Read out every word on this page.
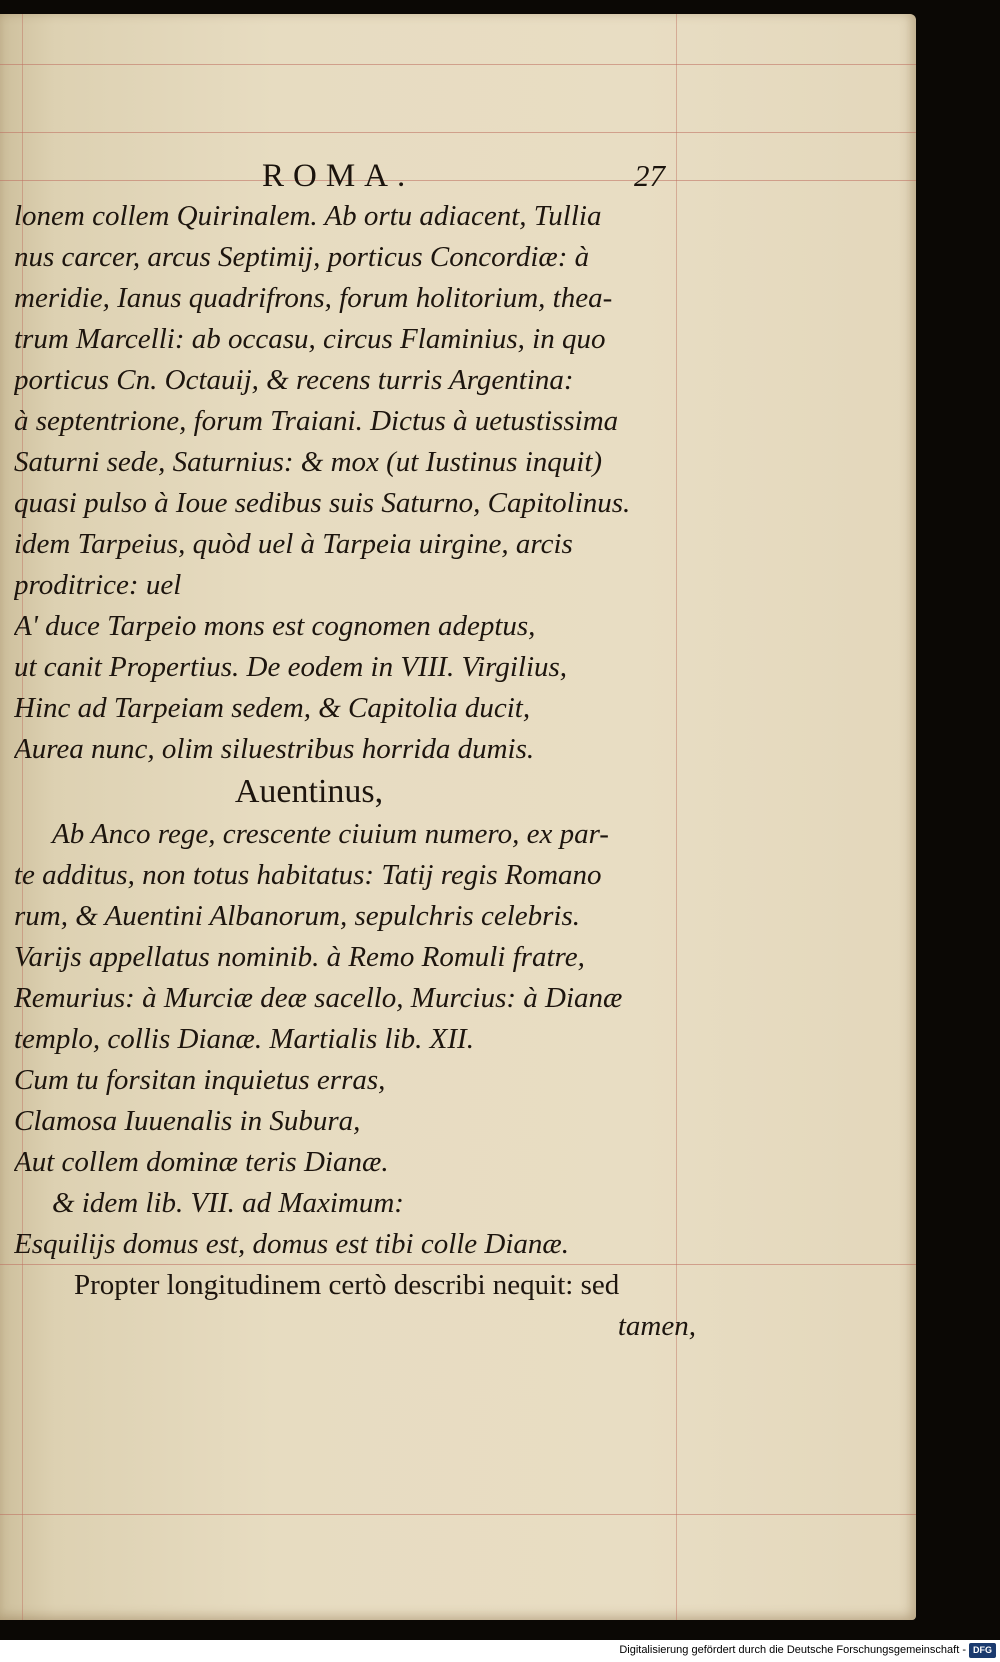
ROMA.	27
lonem collem Quirinalem. Ab ortu adiacent, Tullia
nus carcer, arcus Septimij, porticus Concordiæ: à
meridie, Ianus quadrifrons, forum holitorium, thea-
trum Marcelli: ab occasu, circus Flaminius, in quo
porticus Cn. Octauij, & recens turris Argentina:
à septentrione, forum Traiani. Dictus à uetustissima
Saturni sede, Saturnius: & mox (ut Iustinus inquit)
quasi pulso à Ioue sedibus suis Saturno, Capitolinus.
idem Tarpeius, quòd uel à Tarpeia uirgine, arcis
proditrice: uel
A' duce Tarpeio mons est cognomen adeptus,
ut canit Propertius. De eodem in VIII. Virgilius,
Hinc ad Tarpeiam sedem, & Capitolia ducit,
Aurea nunc, olim siluestribus horrida dumis.
Auentinus,
Ab Anco rege, crescente ciuium numero, ex par-
te additus, non totus habitatus: Tatij regis Romano
rum, & Auentini Albanorum, sepulchris celebris.
Varijs appellatus nominib. à Remo Romuli fratre,
Remurius: à Murciæ deæ sacello, Murcius: à Dianæ
templo, collis Dianæ. Martialis lib. XII.
Cum tu forsitan inquietus erras,
Clamosa Iuuenalis in Subura,
Aut collem dominæ teris Dianæ.
& idem lib. VII. ad Maximum:
Esquilijs domus est, domus est tibi colle Dianæ.
Propter longitudinem certò describi nequit: sed
tamen,
Digitalisierung gefördert durch die Deutsche Forschungsgemeinschaft - DFG
